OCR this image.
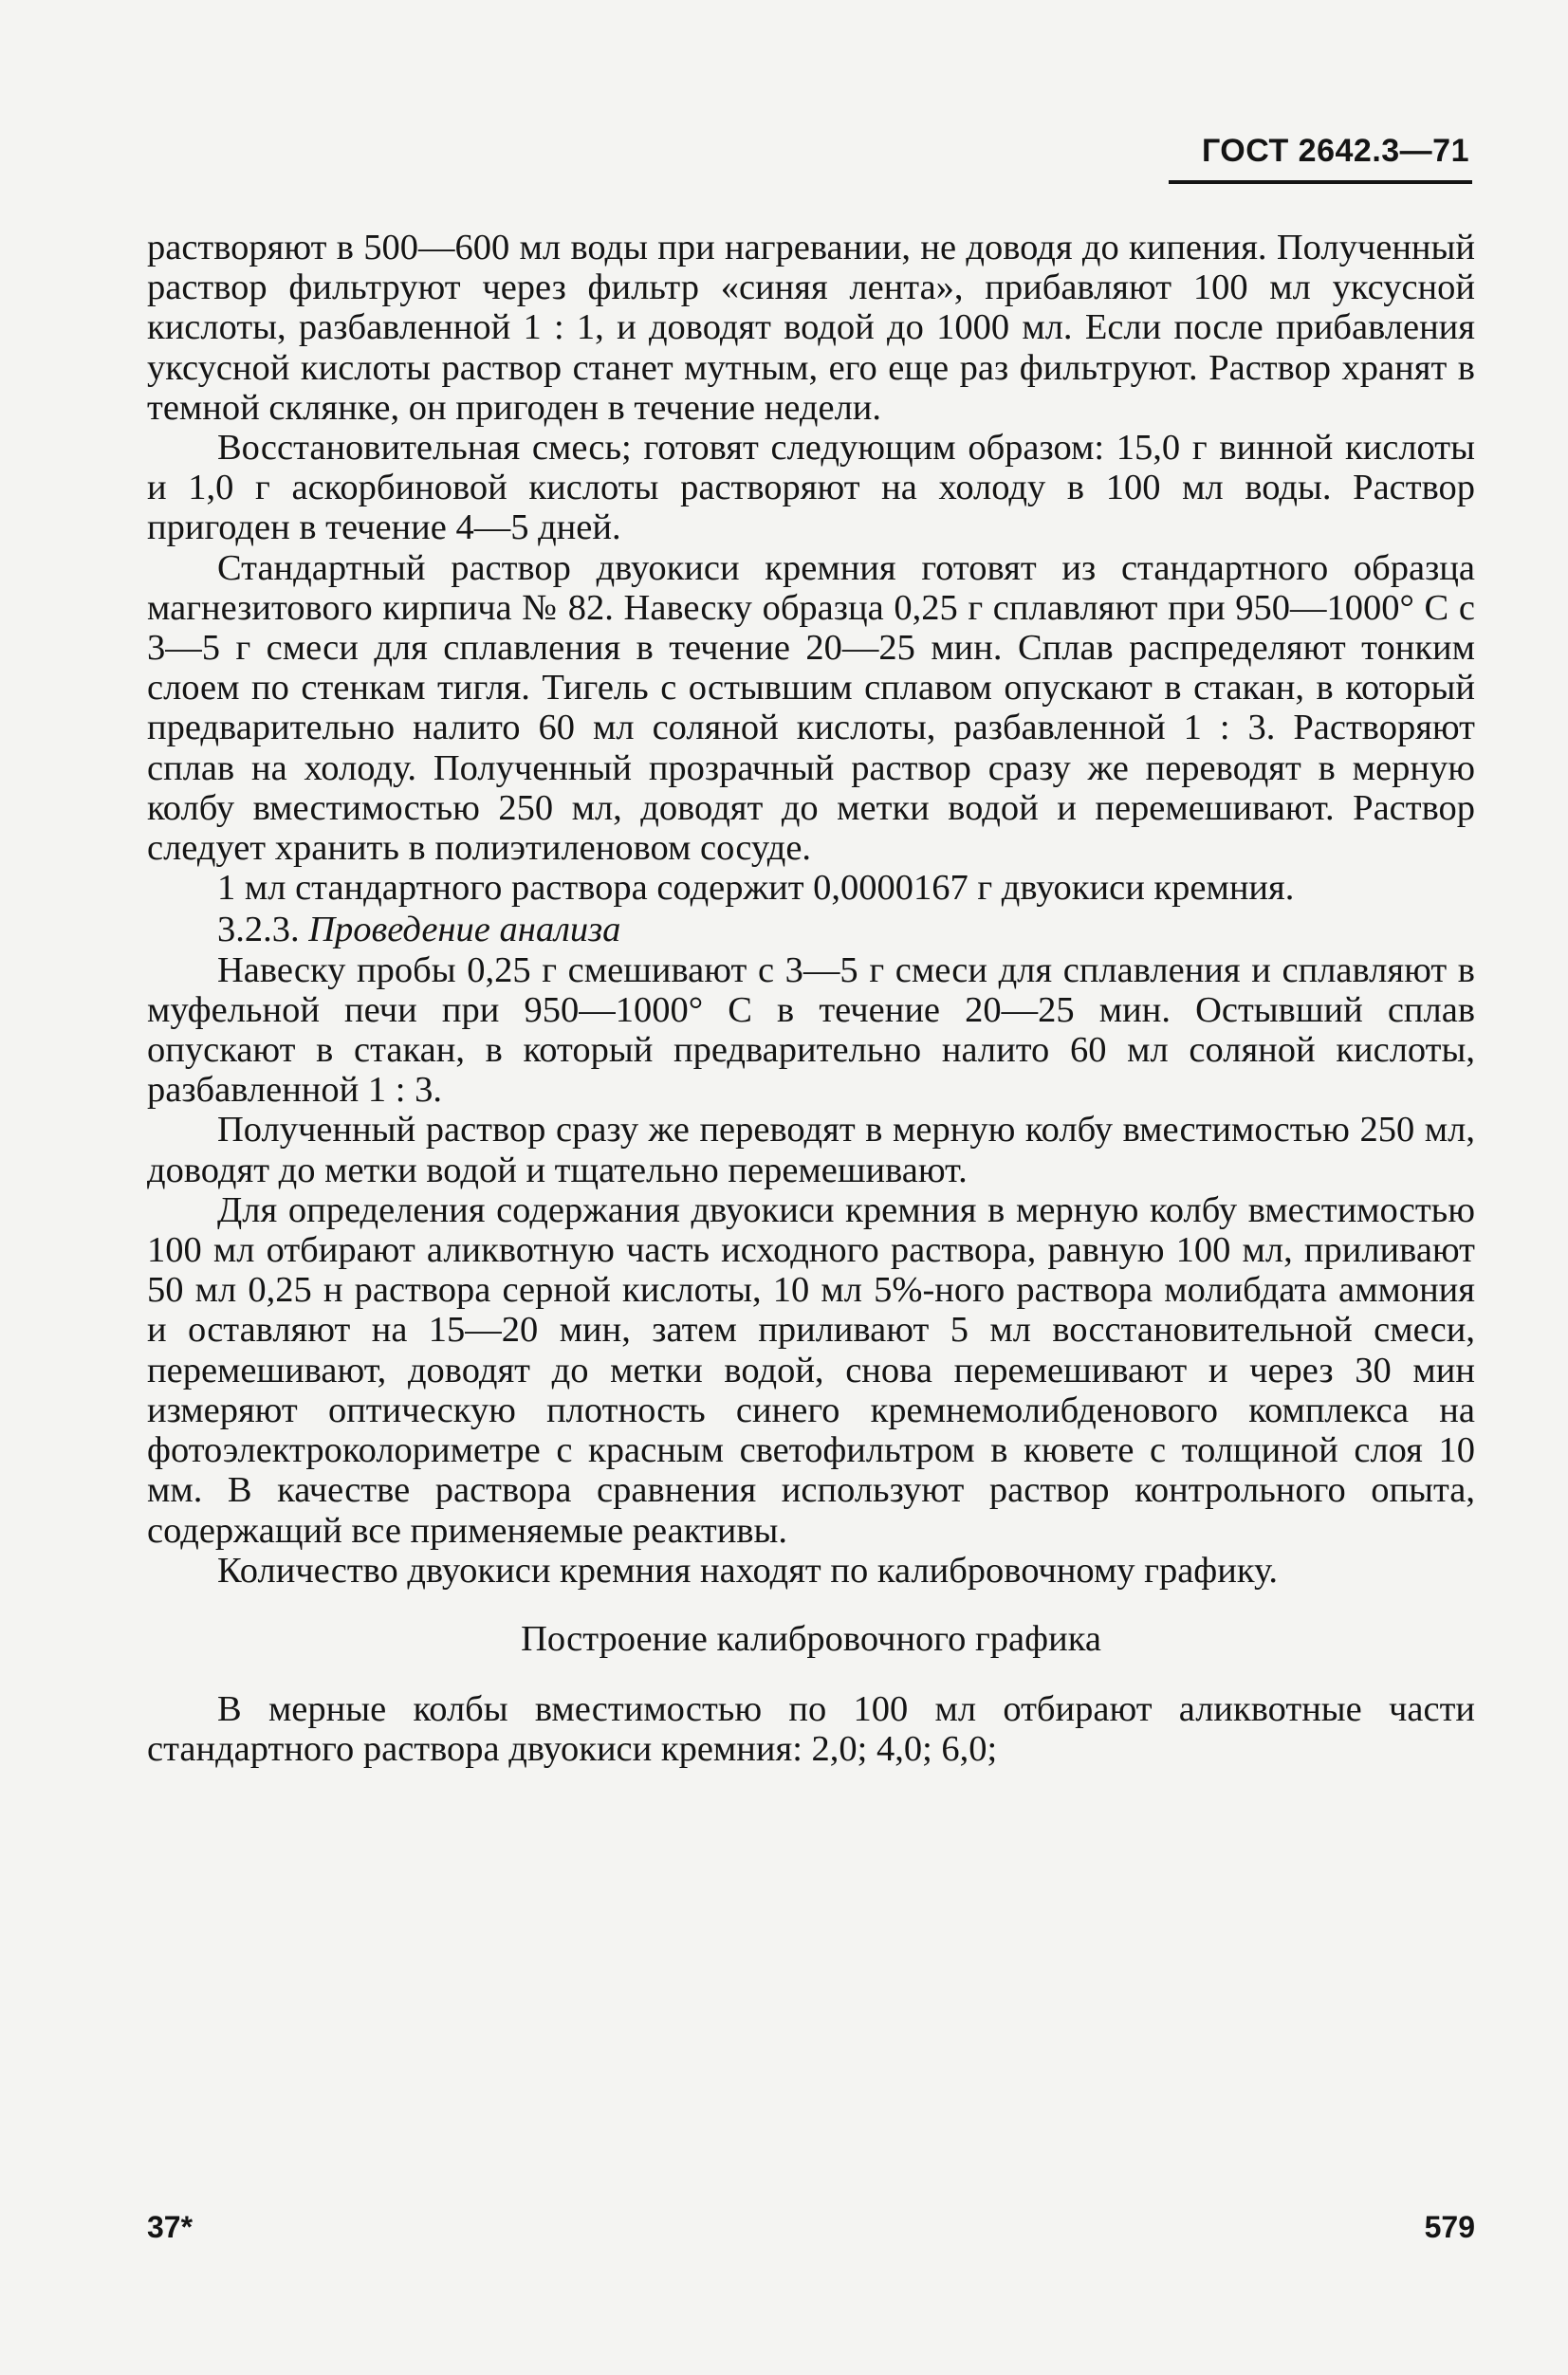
ГОСТ 2642.3—71

растворяют в 500—600 мл воды при нагревании, не доводя до кипения. Полученный раствор фильтруют через фильтр «синяя лента», прибавляют 100 мл уксусной кислоты, разбавленной 1 : 1, и доводят водой до 1000 мл. Если после прибавления уксусной кислоты раствор станет мутным, его еще раз фильтруют. Раствор хранят в темной склянке, он пригоден в течение недели.

Восстановительная смесь; готовят следующим образом: 15,0 г винной кислоты и 1,0 г аскорбиновой кислоты растворяют на холоду в 100 мл воды. Раствор пригоден в течение 4—5 дней.

Стандартный раствор двуокиси кремния готовят из стандартного образца магнезитового кирпича № 82. Навеску образца 0,25 г сплавляют при 950—1000° С с 3—5 г смеси для сплавления в течение 20—25 мин. Сплав распределяют тонким слоем по стенкам тигля. Тигель с остывшим сплавом опускают в стакан, в который предварительно налито 60 мл соляной кислоты, разбавленной 1 : 3. Растворяют сплав на холоду. Полученный прозрачный раствор сразу же переводят в мерную колбу вместимостью 250 мл, доводят до метки водой и перемешивают. Раствор следует хранить в полиэтиленовом сосуде.

1 мл стандартного раствора содержит 0,0000167 г двуокиси кремния.

3.2.3. Проведение анализа

Навеску пробы 0,25 г смешивают с 3—5 г смеси для сплавления и сплавляют в муфельной печи при 950—1000° С в течение 20—25 мин. Остывший сплав опускают в стакан, в который предварительно налито 60 мл соляной кислоты, разбавленной 1 : 3.

Полученный раствор сразу же переводят в мерную колбу вместимостью 250 мл, доводят до метки водой и тщательно перемешивают.

Для определения содержания двуокиси кремния в мерную колбу вместимостью 100 мл отбирают аликвотную часть исходного раствора, равную 100 мл, приливают 50 мл 0,25 н раствора серной кислоты, 10 мл 5%-ного раствора молибдата аммония и оставляют на 15—20 мин, затем приливают 5 мл восстановительной смеси, перемешивают, доводят до метки водой, снова перемешивают и через 30 мин измеряют оптическую плотность синего кремнемолибденового комплекса на фотоэлектроколориметре с красным светофильтром в кювете с толщиной слоя 10 мм. В качестве раствора сравнения используют раствор контрольного опыта, содержащий все применяемые реактивы.

Количество двуокиси кремния находят по калибровочному графику.

Построение калибровочного графика

В мерные колбы вместимостью по 100 мл отбирают аликвотные части стандартного раствора двуокиси кремния: 2,0; 4,0; 6,0;

37*	579
